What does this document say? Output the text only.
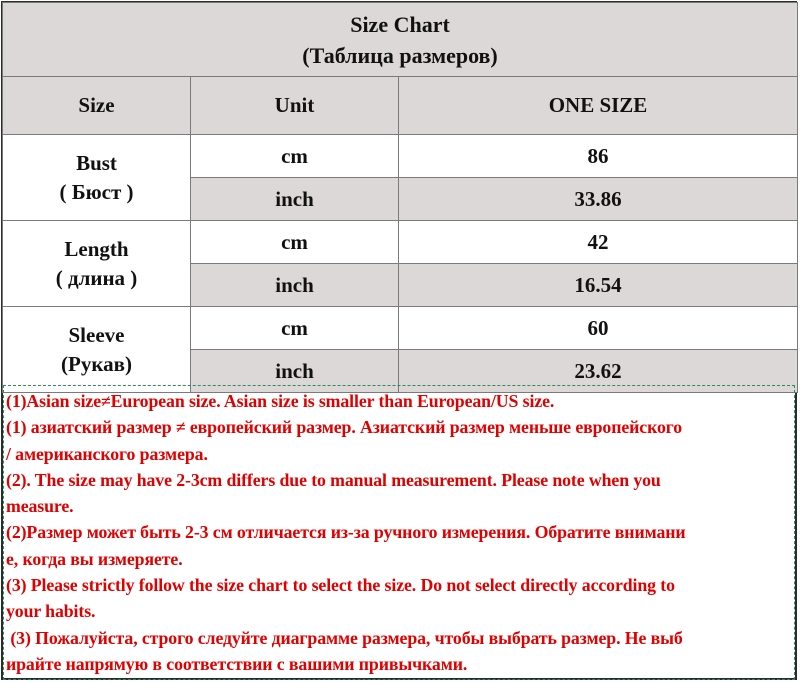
Size Chart
(Таблица размеров)		

Size	Unit	ONE SIZE

Bust
( Бюст )	cm	86
	inch	33.86

Length
( длина )	cm	42
	inch	16.54

Sleeve
(Рукав)	cm	60
	inch	23.62

(1)Asian size≠European size. Asian size is smaller than European/US size.

(1) азиатский размер ≠ европейский размер. Азиатский размер меньше европейского

/ американского размера.

(2). The size may have 2-3cm differs due to manual measurement. Please note when you

measure.

(2)Размер может быть 2-3 см отличается из-за ручного измерения. Обратите внимани

е, когда вы измеряете.

(3) Please strictly follow the size chart to select the size. Do not select directly according to

your habits.

(3) Пожалуйста, строго следуйте диаграмме размера, чтобы выбрать размер. Не выб

ирайте напрямую в соответствии с вашими привычками.
